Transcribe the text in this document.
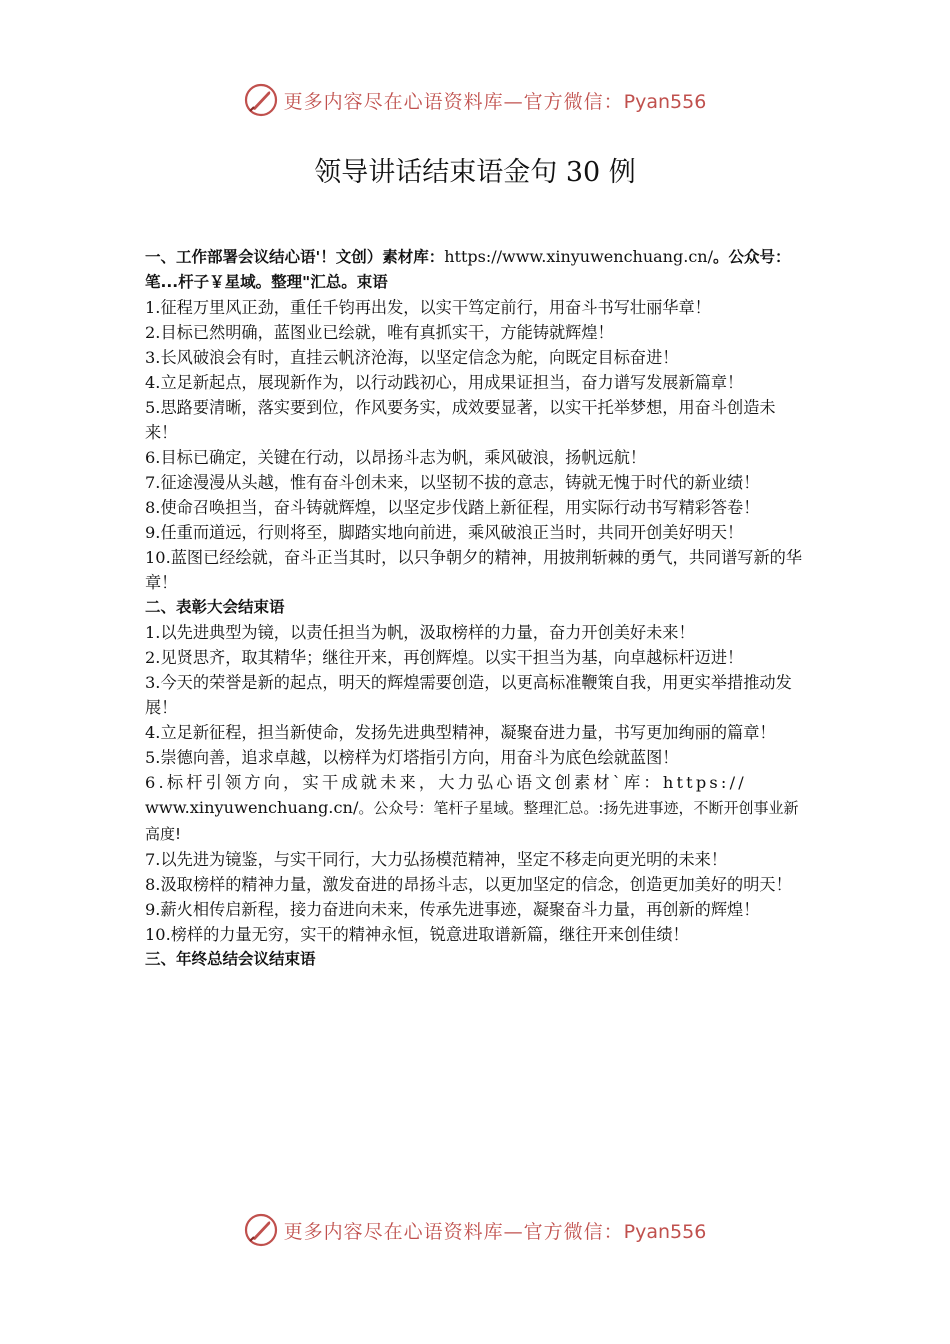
更多内容尽在心语资料库—官方微信：Pyan556
领导讲话结束语金句 30 例

一、工作部署会议结心语'！文创）素材库：https://www.xinyuwenchuang.cn/。公众号：笔...杆子￥星域。整理"汇总。束语

1.征程万里风正劲，重任千钧再出发，以实干笃定前行，用奋斗书写壮丽华章！

2.目标已然明确，蓝图业已绘就，唯有真抓实干，方能铸就辉煌！

3.长风破浪会有时，直挂云帆济沧海，以坚定信念为舵，向既定目标奋进！

4.立足新起点，展现新作为，以行动践初心，用成果证担当，奋力谱写发展新篇章！

5.思路要清晰，落实要到位，作风要务实，成效要显著，以实干托举梦想，用奋斗创造未来！

6.目标已确定，关键在行动，以昂扬斗志为帆，乘风破浪，扬帆远航！

7.征途漫漫从头越，惟有奋斗创未来，以坚韧不拔的意志，铸就无愧于时代的新业绩！

8.使命召唤担当，奋斗铸就辉煌，以坚定步伐踏上新征程，用实际行动书写精彩答卷！

9.任重而道远，行则将至，脚踏实地向前进，乘风破浪正当时，共同开创美好明天！

10.蓝图已经绘就，奋斗正当其时，以只争朝夕的精神，用披荆斩棘的勇气，共同谱写新的华章！

二、表彰大会结束语

1.以先进典型为镜，以责任担当为帆，汲取榜样的力量，奋力开创美好未来！

2.见贤思齐，取其精华；继往开来，再创辉煌。以实干担当为基，向卓越标杆迈进！

3.今天的荣誉是新的起点，明天的辉煌需要创造，以更高标准鞭策自我，用更实举措推动发展！

4.立足新征程，担当新使命，发扬先进典型精神，凝聚奋进力量，书写更加绚丽的篇章！

5.崇德向善，追求卓越，以榜样为灯塔指引方向，用奋斗为底色绘就蓝图！

6.标杆引领方向，实干成就未来，大力弘心语文创素材`库：https://
www.xinyuwenchuang.cn/。公众号：笔杆子星域。整理汇总。:扬先进事迹，不断开创事业新高度!

7.以先进为镜鉴，与实干同行，大力弘扬模范精神，坚定不移走向更光明的未来！

8.汲取榜样的精神力量，激发奋进的昂扬斗志，以更加坚定的信念，创造更加美好的明天！

9.薪火相传启新程，接力奋进向未来，传承先进事迹，凝聚奋斗力量，再创新的辉煌！

10.榜样的力量无穷，实干的精神永恒，锐意进取谱新篇，继往开来创佳绩！

三、年终总结会议结束语

更多内容尽在心语资料库—官方微信：Pyan556
